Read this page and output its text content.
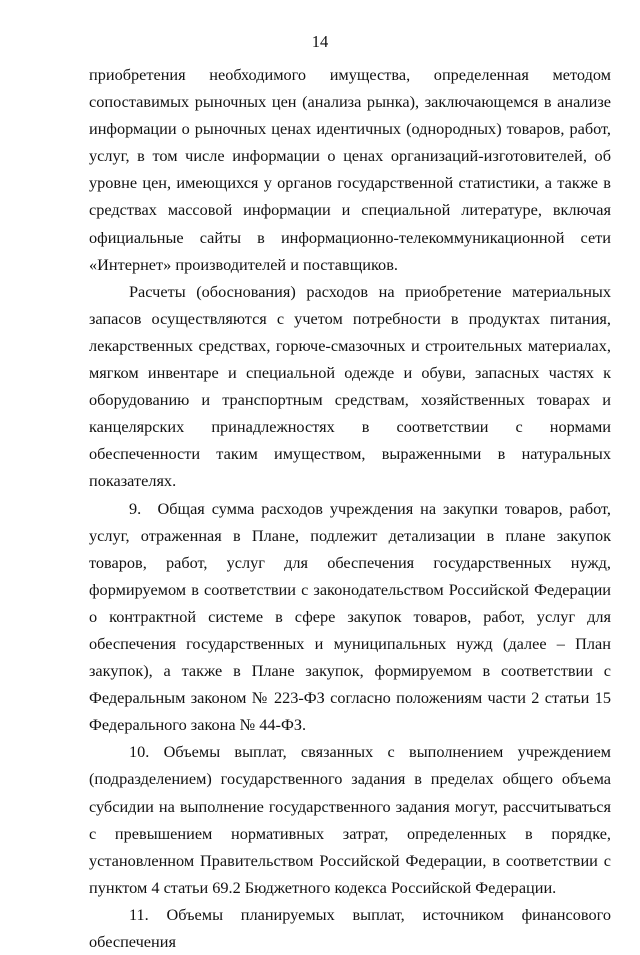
14

приобретения необходимого имущества, определенная методом сопоставимых рыночных цен (анализа рынка), заключающемся в анализе информации о рыночных ценах идентичных (однородных) товаров, работ, услуг, в том числе информации о ценах организаций-изготовителей, об уровне цен, имеющихся у органов государственной статистики, а также в средствах массовой информации и специальной литературе, включая официальные сайты в информационно-телекоммуникационной сети «Интернет» производителей и поставщиков.

Расчеты (обоснования) расходов на приобретение материальных запасов осуществляются с учетом потребности в продуктах питания, лекарственных средствах, горюче-смазочных и строительных материалах, мягком инвентаре и специальной одежде и обуви, запасных частях к оборудованию и транспортным средствам, хозяйственных товарах и канцелярских принадлежностях в соответствии с нормами обеспеченности таким имуществом, выраженными в натуральных показателях.

9. Общая сумма расходов учреждения на закупки товаров, работ, услуг, отраженная в Плане, подлежит детализации в плане закупок товаров, работ, услуг для обеспечения государственных нужд, формируемом в соответствии с законодательством Российской Федерации о контрактной системе в сфере закупок товаров, работ, услуг для обеспечения государственных и муниципальных нужд (далее – План закупок), а также в Плане закупок, формируемом в соответствии с Федеральным законом № 223-ФЗ согласно положениям части 2 статьи 15 Федерального закона № 44-ФЗ.

10. Объемы выплат, связанных с выполнением учреждением (подразделением) государственного задания в пределах общего объема субсидии на выполнение государственного задания могут, рассчитываться с превышением нормативных затрат, определенных в порядке, установленном Правительством Российской Федерации, в соответствии с пунктом 4 статьи 69.2 Бюджетного кодекса Российской Федерации.

11. Объемы планируемых выплат, источником финансового обеспечения
